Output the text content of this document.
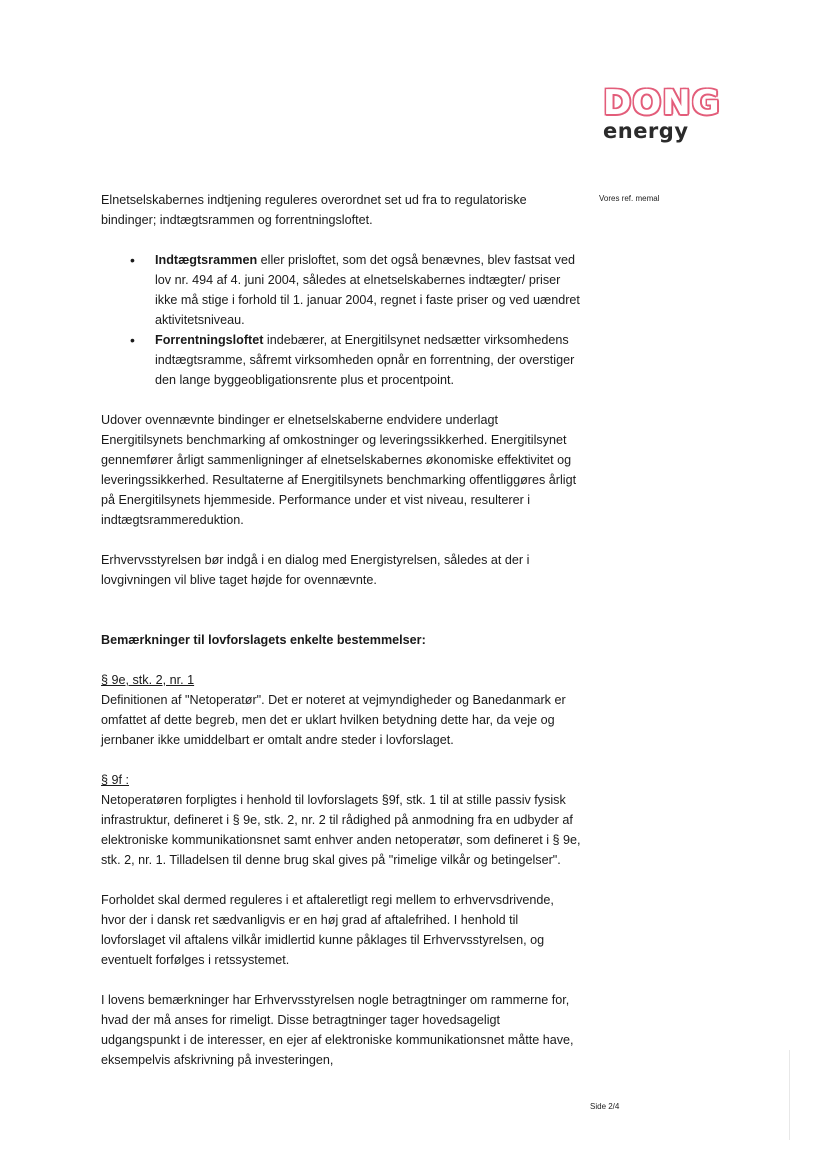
DONG
energy
Vores ref. memal

Elnetselskabernes indtjening reguleres overordnet set ud fra to regulatoriske bindinger; indtægtsrammen og forrentningsloftet.

• Indtægtsrammen eller prisloftet, som det også benævnes, blev fastsat ved lov nr. 494 af 4. juni 2004, således at elnetselskabernes indtægter/ priser ikke må stige i forhold til 1. januar 2004, regnet i faste priser og ved uændret aktivitetsniveau.
• Forrentningsloftet indebærer, at Energitilsynet nedsætter virksomhedens indtægtsramme, såfremt virksomheden opnår en forrentning, der overstiger den lange byggeobligationsrente plus et procentpoint.

Udover ovennævnte bindinger er elnetselskaberne endvidere underlagt Energitilsynets benchmarking af omkostninger og leveringssikkerhed. Energitilsynet gennemfører årligt sammenligninger af elnetselskabernes økonomiske effektivitet og leveringssikkerhed. Resultaterne af Energitilsynets benchmarking offentliggøres årligt på Energitilsynets hjemmeside. Performance under et vist niveau, resulterer i indtægtsrammereduktion.

Erhvervsstyrelsen bør indgå i en dialog med Energistyrelsen, således at der i lovgivningen vil blive taget højde for ovennævnte.

Bemærkninger til lovforslagets enkelte bestemmelser:

§ 9e, stk. 2, nr. 1

Definitionen af "Netoperatør". Det er noteret at vejmyndigheder og Banedanmark er omfattet af dette begreb, men det er uklart hvilken betydning dette har, da veje og jernbaner ikke umiddelbart er omtalt andre steder i lovforslaget.

§ 9f :

Netoperatøren forpligtes i henhold til lovforslagets §9f, stk. 1 til at stille passiv fysisk infrastruktur, defineret i § 9e, stk. 2, nr. 2 til rådighed på anmodning fra en udbyder af elektroniske kommunikationsnet samt enhver anden netoperatør, som defineret i § 9e, stk. 2, nr. 1. Tilladelsen til denne brug skal gives på "rimelige vilkår og betingelser".

Forholdet skal dermed reguleres i et aftaleretligt regi mellem to erhvervsdrivende, hvor der i dansk ret sædvanligvis er en høj grad af aftalefrihed. I henhold til lovforslaget vil aftalens vilkår imidlertid kunne påklages til Erhvervsstyrelsen, og eventuelt forfølges i retssystemet.

I lovens bemærkninger har Erhvervsstyrelsen nogle betragtninger om rammerne for, hvad der må anses for rimeligt. Disse betragtninger tager hovedsageligt udgangspunkt i de interesser, en ejer af elektroniske kommunikationsnet måtte have, eksempelvis afskrivning på investeringen,

Side 2/4
